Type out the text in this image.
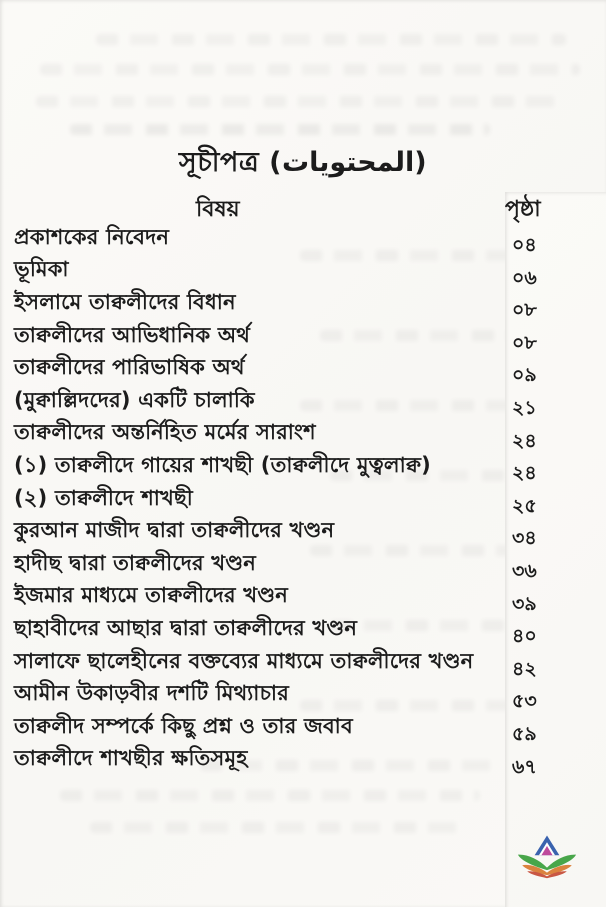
সূচীপত্র (المحتويات)
বিষয়	পৃষ্ঠা
প্রকাশকের নিবেদন	০৪
ভূমিকা	০৬
ইসলামে তাক্বলীদের বিধান	০৮
তাক্বলীদের আভিধানিক অর্থ	০৮
তাক্বলীদের পারিভাষিক অর্থ	০৯
(মুক্বাল্লিদদের) একটি চালাকি	২১
তাক্বলীদের অন্তর্নিহিত মর্মের সারাংশ	২৪
(১) তাক্বলীদে গায়ের শাখছী (তাক্বলীদে মুত্বলাক্ব)	২৪
(২) তাক্বলীদে শাখছী	২৫
কুরআন মাজীদ দ্বারা তাক্বলীদের খণ্ডন	৩৪
হাদীছ দ্বারা তাক্বলীদের খণ্ডন	৩৬
ইজমার মাধ্যমে তাক্বলীদের খণ্ডন	৩৯
ছাহাবীদের আছার দ্বারা তাক্বলীদের খণ্ডন	৪০
সালাফে ছালেহীনের বক্তব্যের মাধ্যমে তাক্বলীদের খণ্ডন ৪২
আমীন উকাড়বীর দশটি মিথ্যাচার	৫৩
তাক্বলীদ সম্পর্কে কিছু প্রশ্ন ও তার জবাব	৫৯
তাক্বলীদে শাখছীর ক্ষতিসমূহ	৬৭
